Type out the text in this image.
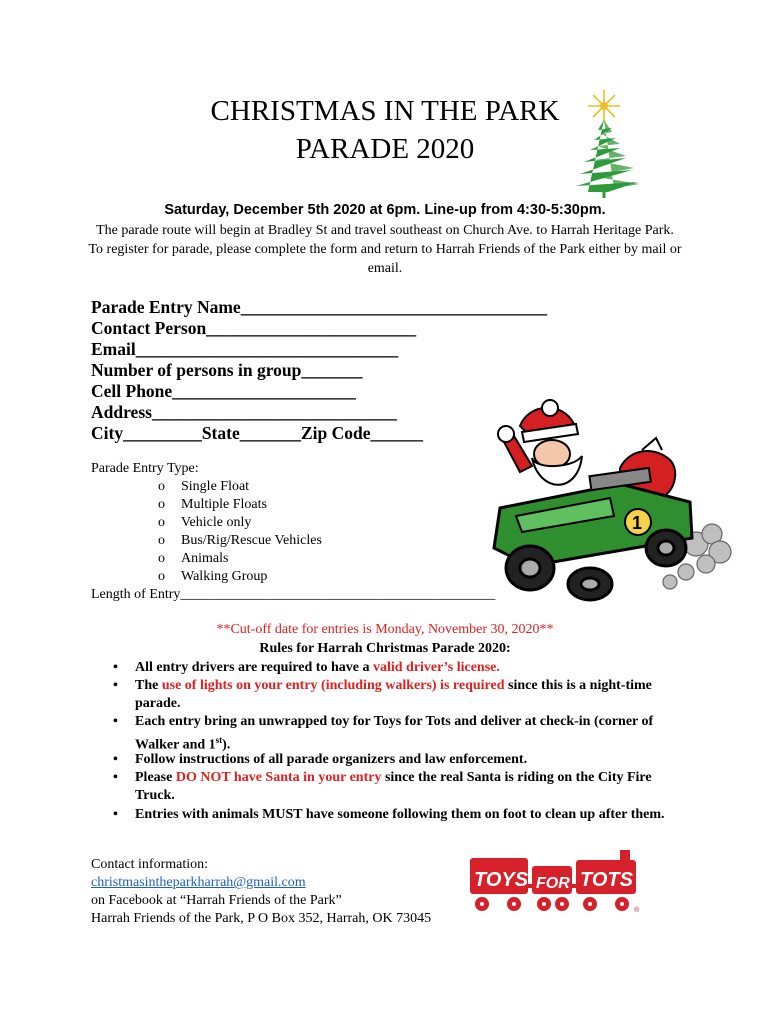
CHRISTMAS IN THE PARK
PARADE 2020
Saturday, December 5th 2020 at 6pm. Line-up from 4:30-5:30pm.
The parade route will begin at Bradley St and travel southeast on Church Ave. to Harrah Heritage Park. To register for parade, please complete the form and return to Harrah Friends of the Park either by mail or email.
Parade Entry Name___________________________________
Contact Person________________________
Email______________________________
Number of persons in group_______
Cell Phone_____________________
Address____________________________
City_________State_______Zip Code______
1
Parade Entry Type:
o Single Float
o Multiple Floats
o Vehicle only
o Bus/Rig/Rescue Vehicles
o Animals
o Walking Group
Length of Entry_____________________________________________
**Cut-off date for entries is Monday, November 30, 2020**
Rules for Harrah Christmas Parade 2020:
• All entry drivers are required to have a valid driver’s license.
• The use of lights on your entry (including walkers) is required since this is a night-time parade.
• Each entry bring an unwrapped toy for Toys for Tots and deliver at check-in (corner of Walker and 1st).
• Follow instructions of all parade organizers and law enforcement.
• Please DO NOT have Santa in your entry since the real Santa is riding on the City Fire Truck.
• Entries with animals MUST have someone following them on foot to clean up after them.
Contact information:
christmasintheparkharrah@gmail.com
on Facebook at “Harrah Friends of the Park”
Harrah Friends of the Park, P O Box 352, Harrah, OK 73045
TOYS FOR TOTS
®
